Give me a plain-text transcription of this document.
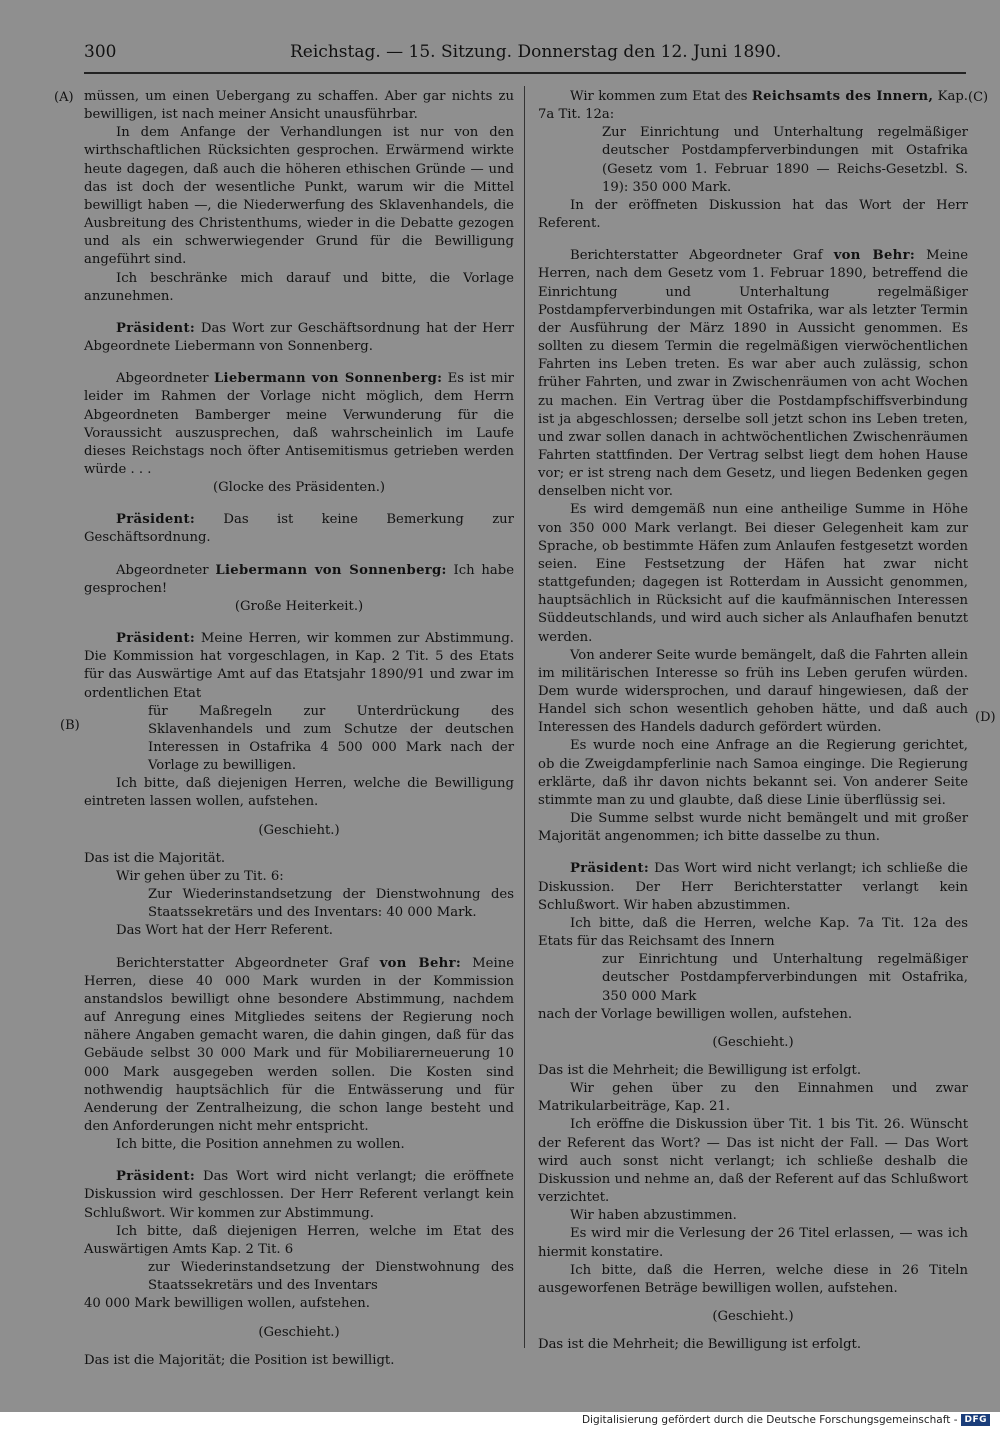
300	Reichstag. — 15. Sitzung. Donnerstag den 12. Juni 1890.
(A)
(B)
(C)
(D)

müssen, um einen Uebergang zu schaffen. Aber gar nichts zu bewilligen, ist nach meiner Ansicht unausführbar.

In dem Anfange der Verhandlungen ist nur von den wirthschaftlichen Rücksichten gesprochen. Erwärmend wirkte heute dagegen, daß auch die höheren ethischen Gründe — und das ist doch der wesentliche Punkt, warum wir die Mittel bewilligt haben —, die Niederwerfung des Sklavenhandels, die Ausbreitung des Christenthums, wieder in die Debatte gezogen und als ein schwerwiegender Grund für die Bewilligung angeführt sind.

Ich beschränke mich darauf und bitte, die Vorlage anzunehmen.

Präsident: Das Wort zur Geschäftsordnung hat der Herr Abgeordnete Liebermann von Sonnenberg.

Abgeordneter Liebermann von Sonnenberg: Es ist mir leider im Rahmen der Vorlage nicht möglich, dem Herrn Abgeordneten Bamberger meine Verwunderung für die Voraussicht auszusprechen, daß wahrscheinlich im Laufe dieses Reichstags noch öfter Antisemitismus getrieben werden würde . . .

(Glocke des Präsidenten.)

Präsident: Das ist keine Bemerkung zur Geschäftsordnung.

Abgeordneter Liebermann von Sonnenberg: Ich habe gesprochen!

(Große Heiterkeit.)

Präsident: Meine Herren, wir kommen zur Abstimmung. Die Kommission hat vorgeschlagen, in Kap. 2 Tit. 5 des Etats für das Auswärtige Amt auf das Etatsjahr 1890/91 und zwar im ordentlichen Etat

für Maßregeln zur Unterdrückung des Sklavenhandels und zum Schutze der deutschen Interessen in Ostafrika 4 500 000 Mark nach der Vorlage zu bewilligen.

Ich bitte, daß diejenigen Herren, welche die Bewilligung eintreten lassen wollen, aufstehen.

(Geschieht.)

Das ist die Majorität.

Wir gehen über zu Tit. 6:

Zur Wiederinstandsetzung der Dienstwohnung des Staatssekretärs und des Inventars: 40 000 Mark.

Das Wort hat der Herr Referent.

Berichterstatter Abgeordneter Graf von Behr: Meine Herren, diese 40 000 Mark wurden in der Kommission anstandslos bewilligt ohne besondere Abstimmung, nachdem auf Anregung eines Mitgliedes seitens der Regierung noch nähere Angaben gemacht waren, die dahin gingen, daß für das Gebäude selbst 30 000 Mark und für Mobiliarerneuerung 10 000 Mark ausgegeben werden sollen. Die Kosten sind nothwendig hauptsächlich für die Entwässerung und für Aenderung der Zentralheizung, die schon lange besteht und den Anforderungen nicht mehr entspricht.

Ich bitte, die Position annehmen zu wollen.

Präsident: Das Wort wird nicht verlangt; die eröffnete Diskussion wird geschlossen. Der Herr Referent verlangt kein Schlußwort. Wir kommen zur Abstimmung.

Ich bitte, daß diejenigen Herren, welche im Etat des Auswärtigen Amts Kap. 2 Tit. 6

zur Wiederinstandsetzung der Dienstwohnung des Staatssekretärs und des Inventars

40 000 Mark bewilligen wollen, aufstehen.

(Geschieht.)

Das ist die Majorität; die Position ist bewilligt.

Wir kommen zum Etat des Reichsamts des Innern, Kap. 7a Tit. 12a:

Zur Einrichtung und Unterhaltung regelmäßiger deutscher Postdampferverbindungen mit Ostafrika (Gesetz vom 1. Februar 1890 — Reichs-Gesetzbl. S. 19): 350 000 Mark.

In der eröffneten Diskussion hat das Wort der Herr Referent.

Berichterstatter Abgeordneter Graf von Behr: Meine Herren, nach dem Gesetz vom 1. Februar 1890, betreffend die Einrichtung und Unterhaltung regelmäßiger Postdampferverbindungen mit Ostafrika, war als letzter Termin der Ausführung der März 1890 in Aussicht genommen. Es sollten zu diesem Termin die regelmäßigen vierwöchentlichen Fahrten ins Leben treten. Es war aber auch zulässig, schon früher Fahrten, und zwar in Zwischenräumen von acht Wochen zu machen. Ein Vertrag über die Postdampfschiffsverbindung ist ja abgeschlossen; derselbe soll jetzt schon ins Leben treten, und zwar sollen danach in achtwöchentlichen Zwischenräumen Fahrten stattfinden. Der Vertrag selbst liegt dem hohen Hause vor; er ist streng nach dem Gesetz, und liegen Bedenken gegen denselben nicht vor.

Es wird demgemäß nun eine antheilige Summe in Höhe von 350 000 Mark verlangt. Bei dieser Gelegenheit kam zur Sprache, ob bestimmte Häfen zum Anlaufen festgesetzt worden seien. Eine Festsetzung der Häfen hat zwar nicht stattgefunden; dagegen ist Rotterdam in Aussicht genommen, hauptsächlich in Rücksicht auf die kaufmännischen Interessen Süddeutschlands, und wird auch sicher als Anlaufhafen benutzt werden.

Von anderer Seite wurde bemängelt, daß die Fahrten allein im militärischen Interesse so früh ins Leben gerufen würden. Dem wurde widersprochen, und darauf hingewiesen, daß der Handel sich schon wesentlich gehoben hätte, und daß auch Interessen des Handels dadurch gefördert würden.

Es wurde noch eine Anfrage an die Regierung gerichtet, ob die Zweigdampferlinie nach Samoa einginge. Die Regierung erklärte, daß ihr davon nichts bekannt sei. Von anderer Seite stimmte man zu und glaubte, daß diese Linie überflüssig sei.

Die Summe selbst wurde nicht bemängelt und mit großer Majorität angenommen; ich bitte dasselbe zu thun.

Präsident: Das Wort wird nicht verlangt; ich schließe die Diskussion. Der Herr Berichterstatter verlangt kein Schlußwort. Wir haben abzustimmen.

Ich bitte, daß die Herren, welche Kap. 7a Tit. 12a des Etats für das Reichsamt des Innern

zur Einrichtung und Unterhaltung regelmäßiger deutscher Postdampferverbindungen mit Ostafrika, 350 000 Mark

nach der Vorlage bewilligen wollen, aufstehen.

(Geschieht.)

Das ist die Mehrheit; die Bewilligung ist erfolgt.

Wir gehen über zu den Einnahmen und zwar Matrikularbeiträge, Kap. 21.

Ich eröffne die Diskussion über Tit. 1 bis Tit. 26. Wünscht der Referent das Wort? — Das ist nicht der Fall. — Das Wort wird auch sonst nicht verlangt; ich schließe deshalb die Diskussion und nehme an, daß der Referent auf das Schlußwort verzichtet.

Wir haben abzustimmen.

Es wird mir die Verlesung der 26 Titel erlassen, — was ich hiermit konstatire.

Ich bitte, daß die Herren, welche diese in 26 Titeln ausgeworfenen Beträge bewilligen wollen, aufstehen.

(Geschieht.)

Das ist die Mehrheit; die Bewilligung ist erfolgt.

Digitalisierung gefördert durch die Deutsche Forschungsgemeinschaft - DFG
